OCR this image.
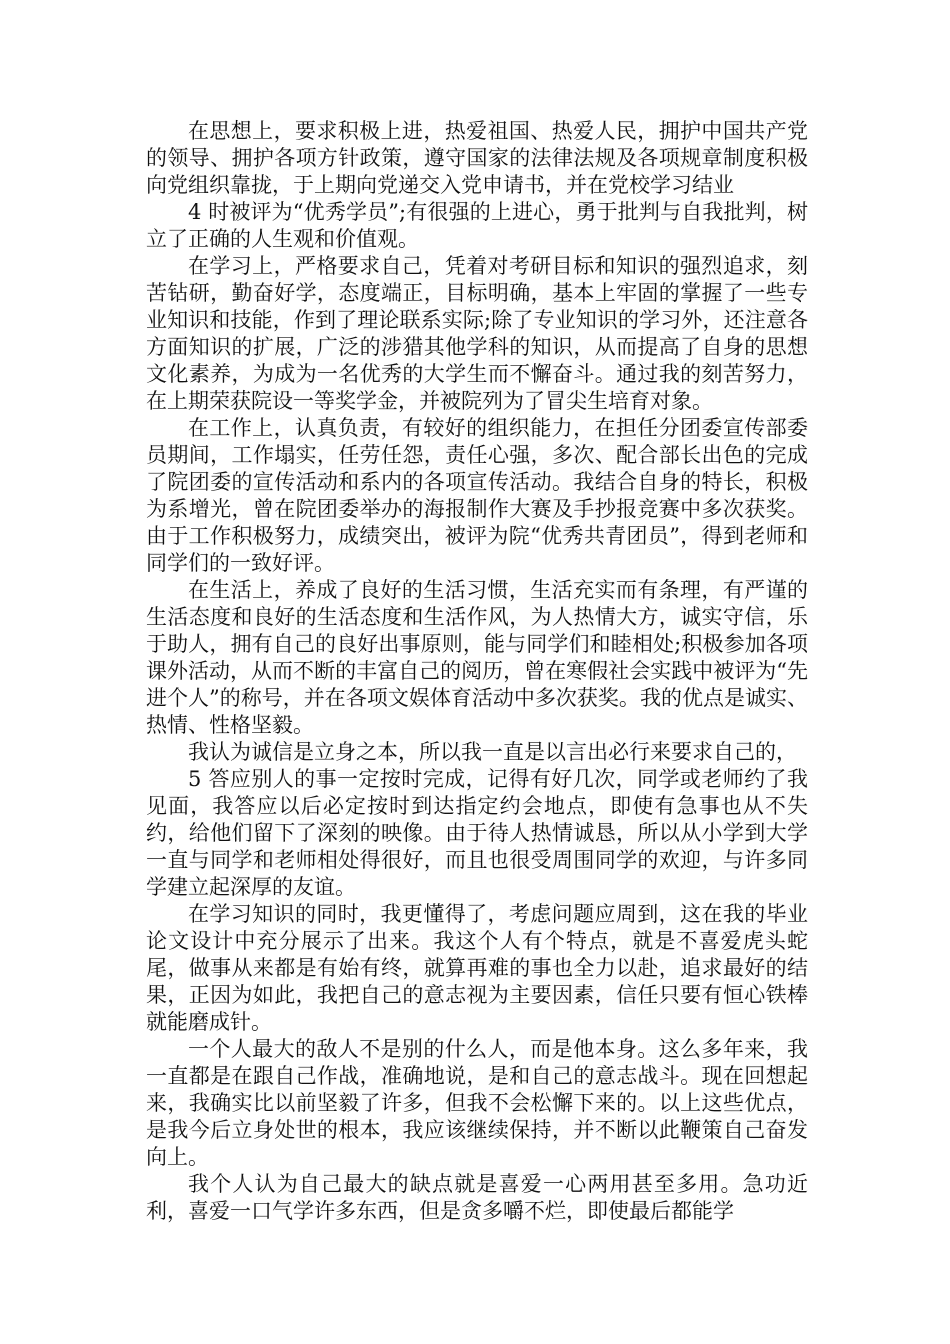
在思想上，要求积极上进，热爱祖国、热爱人民，拥护中国共产党的领导、拥护各项方针政策，遵守国家的法律法规及各项规章制度积极向党组织靠拢，于上期向党递交入党申请书，并在党校学习结业

4 时被评为“优秀学员”;有很强的上进心，勇于批判与自我批判，树立了正确的人生观和价值观。

在学习上，严格要求自己，凭着对考研目标和知识的强烈追求，刻苦钻研，勤奋好学，态度端正，目标明确，基本上牢固的掌握了一些专业知识和技能，作到了理论联系实际;除了专业知识的学习外，还注意各方面知识的扩展，广泛的涉猎其他学科的知识，从而提高了自身的思想文化素养，为成为一名优秀的大学生而不懈奋斗。通过我的刻苦努力，在上期荣获院设一等奖学金，并被院列为了冒尖生培育对象。

在工作上，认真负责，有较好的组织能力，在担任分团委宣传部委员期间，工作塌实，任劳任怨，责任心强，多次、配合部长出色的完成了院团委的宣传活动和系内的各项宣传活动。我结合自身的特长，积极为系增光，曾在院团委举办的海报制作大赛及手抄报竞赛中多次获奖。由于工作积极努力，成绩突出，被评为院“优秀共青团员”，得到老师和同学们的一致好评。

在生活上，养成了良好的生活习惯，生活充实而有条理，有严谨的生活态度和良好的生活态度和生活作风，为人热情大方，诚实守信，乐于助人，拥有自己的良好出事原则，能与同学们和睦相处;积极参加各项课外活动，从而不断的丰富自己的阅历，曾在寒假社会实践中被评为“先进个人”的称号，并在各项文娱体育活动中多次获奖。我的优点是诚实、热情、性格坚毅。

我认为诚信是立身之本，所以我一直是以言出必行来要求自己的，

5 答应别人的事一定按时完成，记得有好几次，同学或老师约了我见面，我答应以后必定按时到达指定约会地点，即使有急事也从不失约，给他们留下了深刻的映像。由于待人热情诚恳，所以从小学到大学一直与同学和老师相处得很好，而且也很受周围同学的欢迎，与许多同学建立起深厚的友谊。

在学习知识的同时，我更懂得了，考虑问题应周到，这在我的毕业论文设计中充分展示了出来。我这个人有个特点，就是不喜爱虎头蛇尾，做事从来都是有始有终，就算再难的事也全力以赴，追求最好的结果，正因为如此，我把自己的意志视为主要因素，信任只要有恒心铁棒就能磨成针。

一个人最大的敌人不是别的什么人，而是他本身。这么多年来，我一直都是在跟自己作战，准确地说，是和自己的意志战斗。现在回想起来，我确实比以前坚毅了许多，但我不会松懈下来的。以上这些优点，是我今后立身处世的根本，我应该继续保持，并不断以此鞭策自己奋发向上。

我个人认为自己最大的缺点就是喜爱一心两用甚至多用。急功近利，喜爱一口气学许多东西，但是贪多嚼不烂，即使最后都能学
